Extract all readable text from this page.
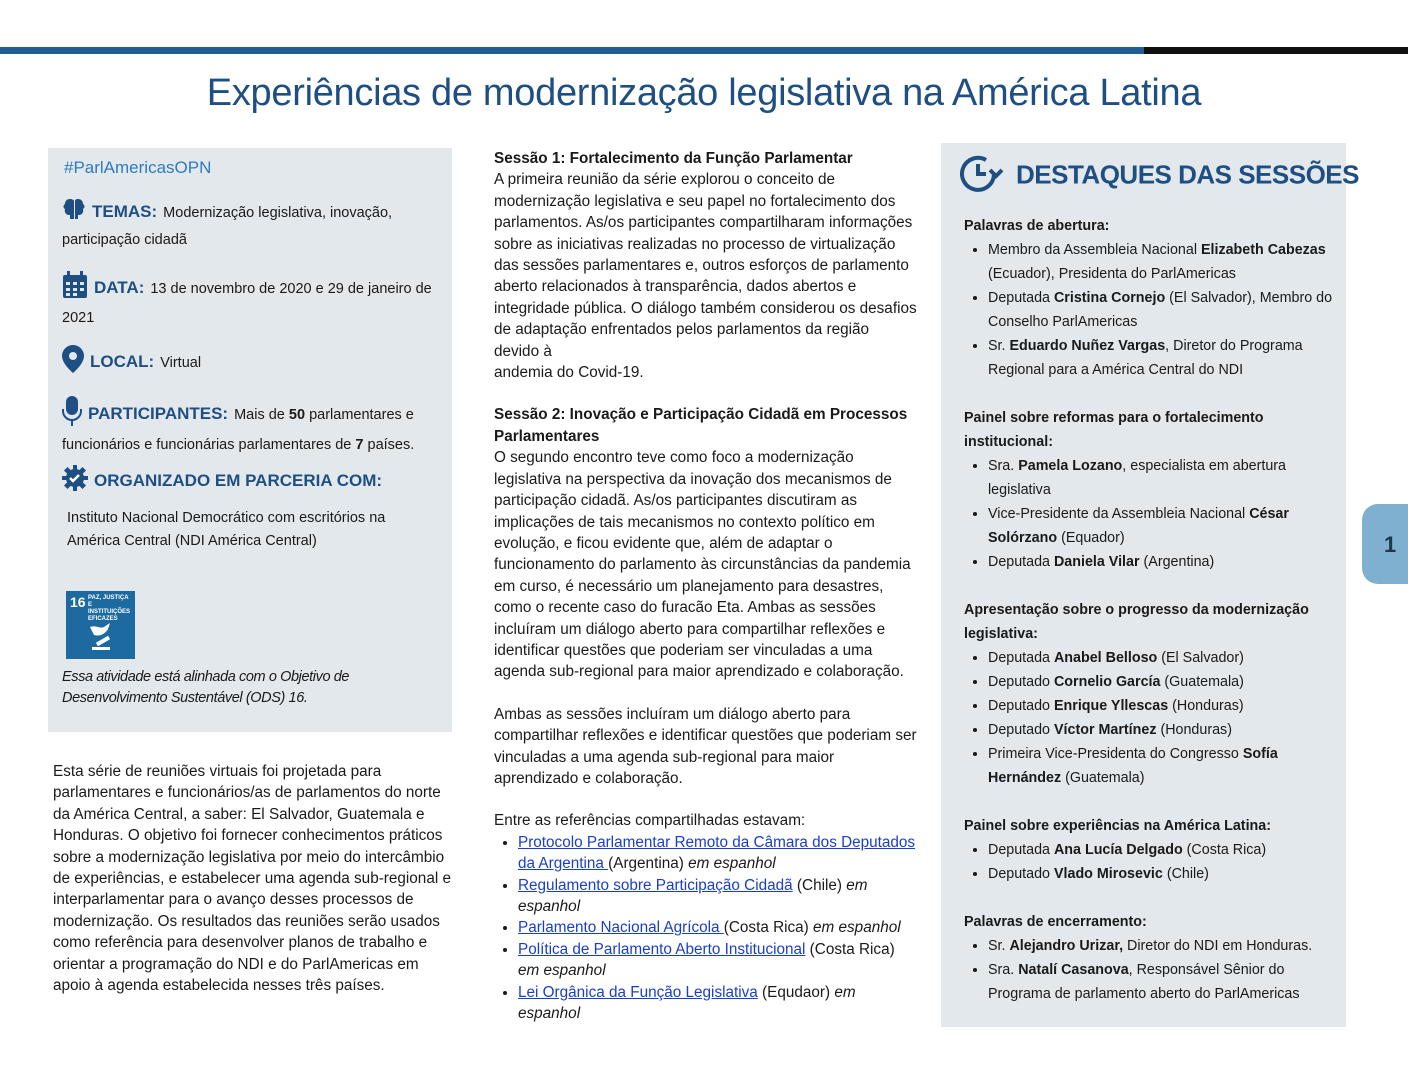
Experiências de modernização legislativa na América Latina
#ParlAmericasOPN
TEMAS: Modernização legislativa, inovação, participação cidadã
DATA: 13 de novembro de 2020 e 29 de janeiro de 2021
LOCAL: Virtual
PARTICIPANTES: Mais de 50 parlamentares e funcionários e funcionárias parlamentares de 7 países.
ORGANIZADO EM PARCERIA COM:
Instituto Nacional Democrático com escritórios na América Central (NDI América Central)
16 PAZ, JUSTIÇA E INSTITUIÇÕES EFICAZES
Essa atividade está alinhada com o Objetivo de Desenvolvimento Sustentável (ODS) 16.
Esta série de reuniões virtuais foi projetada para parlamentares e funcionários/as de parlamentos do norte da América Central, a saber: El Salvador, Guatemala e Honduras. O objetivo foi fornecer conhecimentos práticos sobre a modernização legislativa por meio do intercâmbio de experiências, e estabelecer uma agenda sub-regional e interparlamentar para o avanço desses processos de modernização. Os resultados das reuniões serão usados como referência para desenvolver planos de trabalho e orientar a programação do NDI e do ParlAmericas em apoio à agenda estabelecida nesses três países.

Sessão 1: Fortalecimento da Função Parlamentar
A primeira reunião da série explorou o conceito de modernização legislativa e seu papel no fortalecimento dos parlamentos. As/os participantes compartilharam informações sobre as iniciativas realizadas no processo de virtualização das sessões parlamentares e, outros esforços de parlamento aberto relacionados à transparência, dados abertos e integridade pública. O diálogo também considerou os desafios de adaptação enfrentados pelos parlamentos da região devido à
andemia do Covid-19.

Sessão 2: Inovação e Participação Cidadã em Processos Parlamentares
O segundo encontro teve como foco a modernização legislativa na perspectiva da inovação dos mecanismos de participação cidadã. As/os participantes discutiram as implicações de tais mecanismos no contexto político em evolução, e ficou evidente que, além de adaptar o funcionamento do parlamento às circunstâncias da pandemia em curso, é necessário um planejamento para desastres, como o recente caso do furacão Eta. Ambas as sessões incluíram um diálogo aberto para compartilhar reflexões e identificar questões que poderiam ser vinculadas a uma agenda sub-regional para maior aprendizado e colaboração.

Ambas as sessões incluíram um diálogo aberto para compartilhar reflexões e identificar questões que poderiam ser vinculadas a uma agenda sub-regional para maior aprendizado e colaboração.

Entre as referências compartilhadas estavam:
• Protocolo Parlamentar Remoto da Câmara dos Deputados da Argentina (Argentina) em espanhol
• Regulamento sobre Participação Cidadã (Chile) em espanhol
• Parlamento Nacional Agrícola (Costa Rica) em espanhol
• Política de Parlamento Aberto Institucional (Costa Rica) em espanhol
• Lei Orgânica da Função Legislativa (Equdaor) em espanhol
DESTAQUES DAS SESSÕES
Palavras de abertura:
• Membro da Assembleia Nacional Elizabeth Cabezas (Ecuador), Presidenta do ParlAmericas
• Deputada Cristina Cornejo (El Salvador), Membro do Conselho ParlAmericas
• Sr. Eduardo Nuñez Vargas, Diretor do Programa Regional para a América Central do NDI
Painel sobre reformas para o fortalecimento institucional:
• Sra. Pamela Lozano, especialista em abertura legislativa
• Vice-Presidente da Assembleia Nacional César Solórzano (Equador)
• Deputada Daniela Vilar (Argentina)
Apresentação sobre o progresso da modernização legislativa:
• Deputada Anabel Belloso (El Salvador)
• Deputado Cornelio García (Guatemala)
• Deputado Enrique Yllescas (Honduras)
• Deputado Víctor Martínez (Honduras)
• Primeira Vice-Presidenta do Congresso Sofía Hernández (Guatemala)
Painel sobre experiências na América Latina:
• Deputada Ana Lucía Delgado (Costa Rica)
• Deputado Vlado Mirosevic (Chile)
Palavras de encerramento:
• Sr. Alejandro Urizar, Diretor do NDI em Honduras.
• Sra. Natalí Casanova, Responsável Sênior do Programa de parlamento aberto do ParlAmericas
1
